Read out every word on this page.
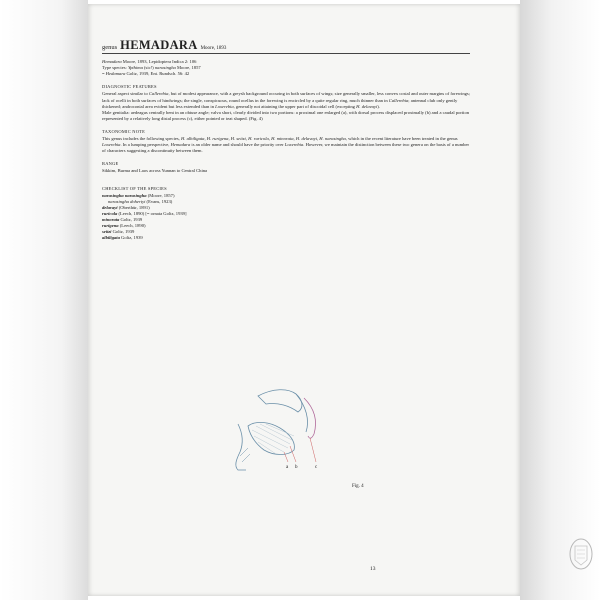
genus HEMADARA Moore, 1893

Hemadara Moore, 1893, Lepidoptera Indica 2: 106

Type species: Ypthima (sic!) narasingha Moore, 1857

= Hedamara Goltz, 1939, Ent. Rundsch. 56: 42

DIAGNOSTIC FEATURES

General aspect similar to Callerebia, but of modest appearance, with a greysh background occuring in both surfaces of wings; size generally smaller, less convex costal and outer margins of forewings; lack of ocelli in both surfaces of hindwings; the single, conspicuous, round ocellus in the forewing is encircled by a quite regular ring, much thinner than in Callerebia; antennal club only gently thickened; androconial area evident but less extended than in Loxerebia, generally not attaining the upper part of discoidal cell (excepting H. delavayi).

Male genitalia: aedeagus centrally bent in an obtuse angle; valva short, clearly divided into two portions: a proximal one enlarged (a), with dorsal process displaced proximally (b) and a caudal portion represented by a relatively long distal process (c), either pointed or teat shaped. (Fig. 4)

TAXONOMIC NOTE

This genus includes the following species, H. albiligata, H. rurigena, H. seitzi, H. ruricola, H. minorata, H. delavayi, H. narasingha, which in the recent literature have been treated in the genus Loxerebia. In a lumping perspective, Hemadara is an older name and should have the priority over Loxerebia. However, we maintain the distinction between these two genera on the basis of a number of characters suggesting a discontinuity between them.

RANGE

Sikkim, Burma and Laos across Yunnan to Central China

CHECKLIST OF THE SPECIES

narasingha narasingha (Moore, 1857)

narasingha dohertyi (Evans, 1923)

delavayi (Oberthür, 1891)

ruricola (Leech, 1890) [= ornata Goltz, 1939]

minorata Goltz, 1939

rurigena (Leech, 1890)

seitzi Goltz, 1939

albiligata Goltz, 1939

a b	c
Fig. 4
13
